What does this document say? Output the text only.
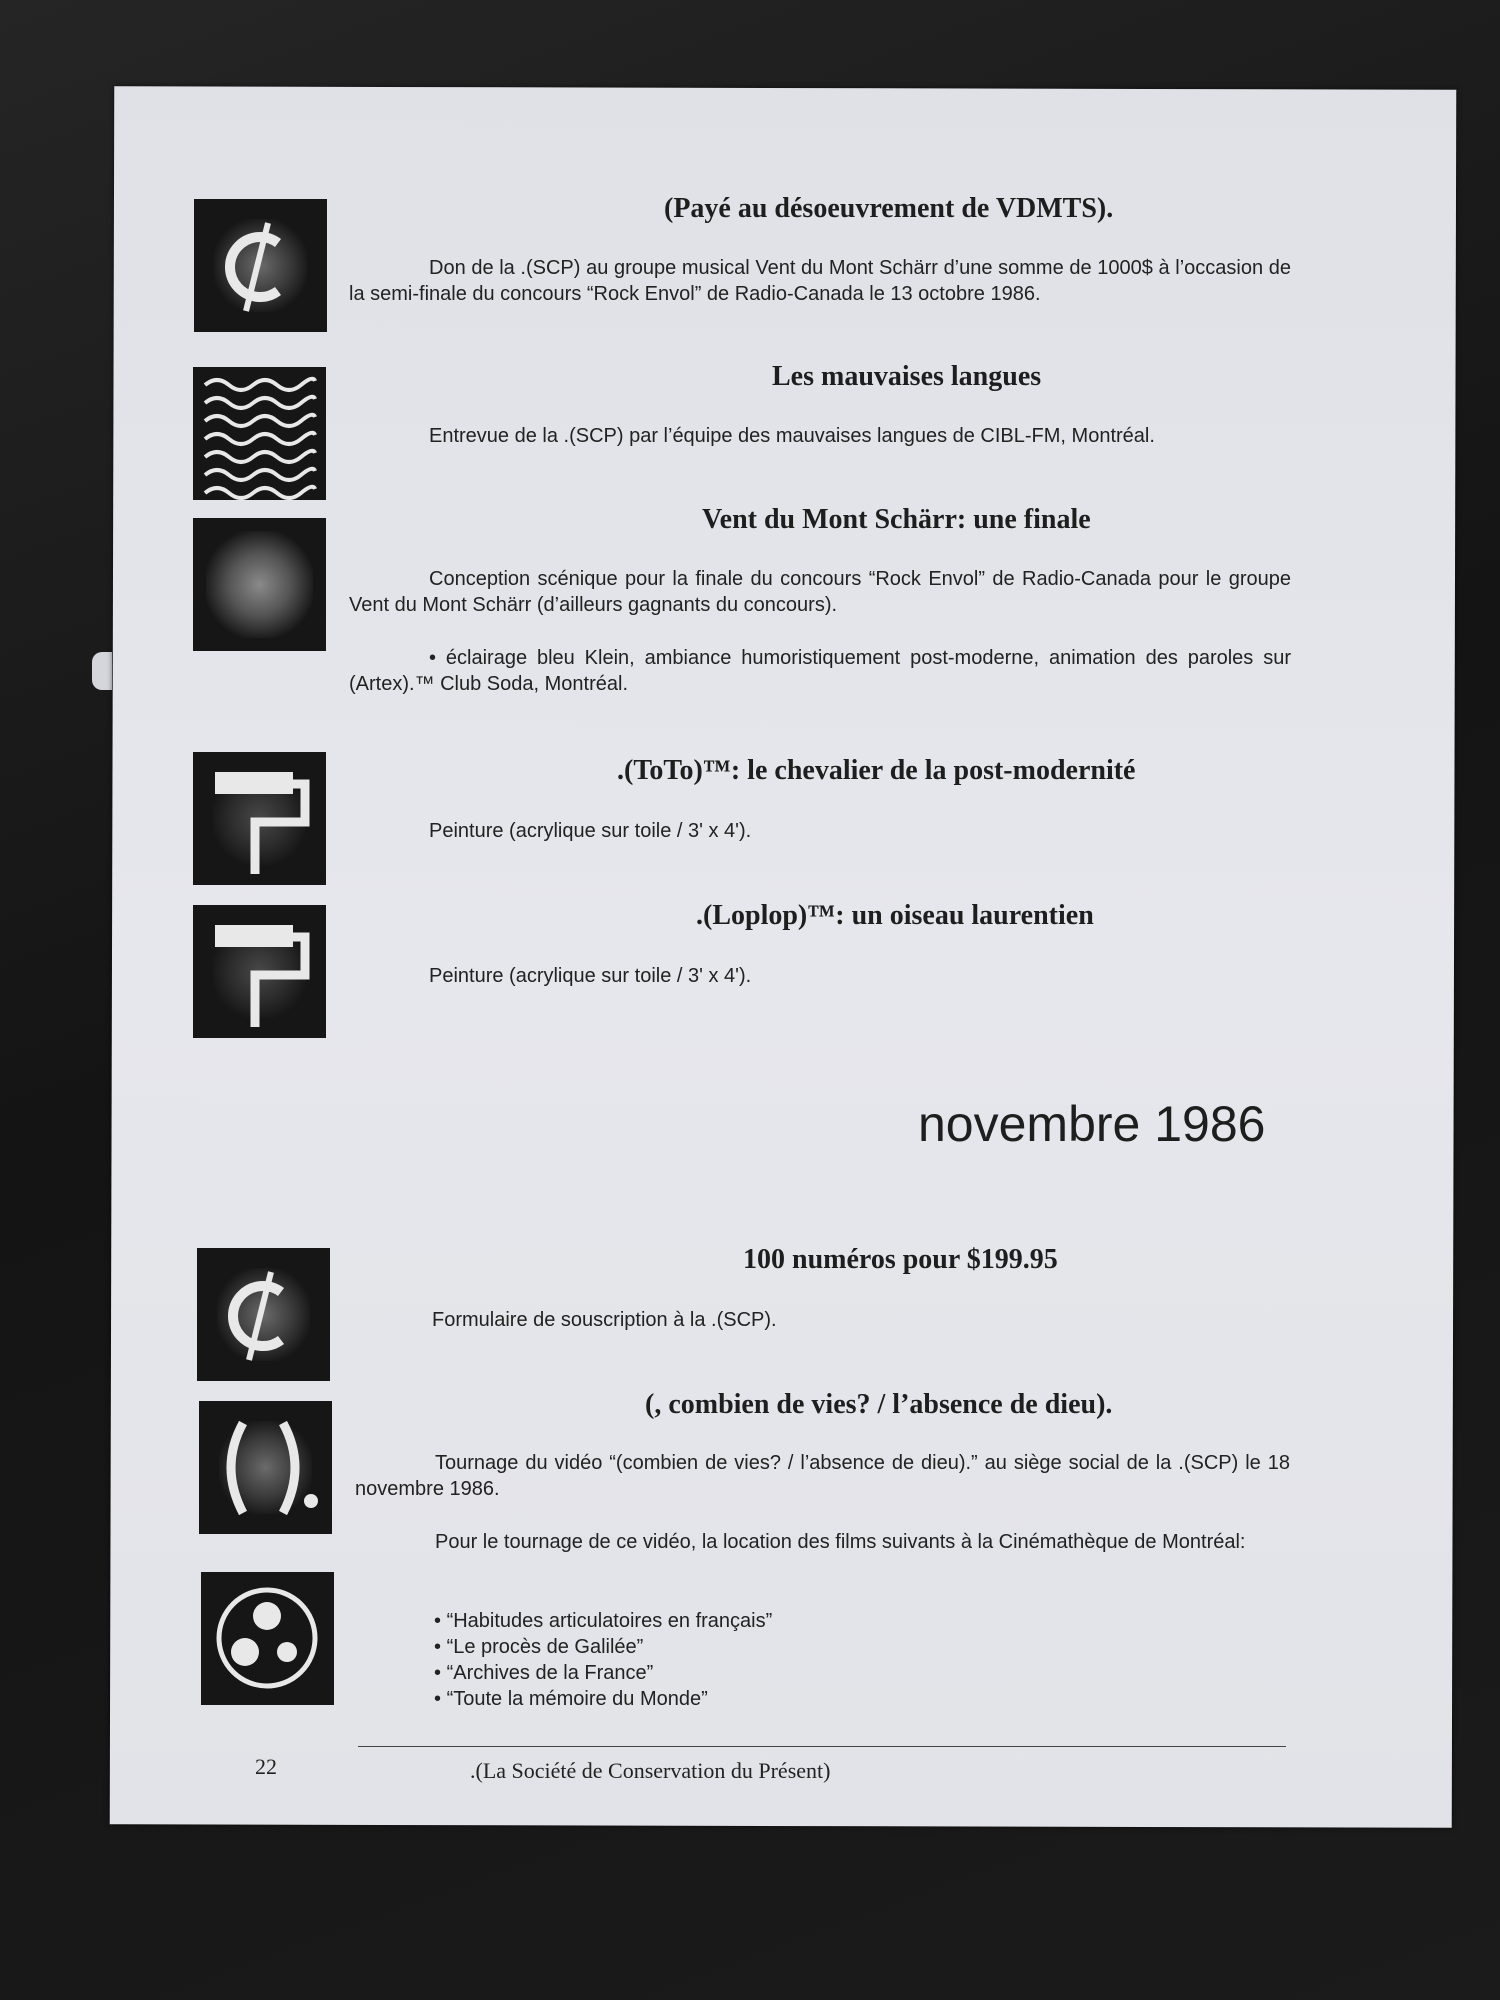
(Payé au désoeuvrement de VDMTS).
Don de la .(SCP) au groupe musical Vent du Mont Schärr d’une somme de 1000$ à l’occasion de la semi-finale du concours “Rock Envol” de Radio-Canada le 13 octobre 1986.
Les mauvaises langues
Entrevue de la .(SCP) par l’équipe des mauvaises langues de CIBL-FM, Montréal.
Vent du Mont Schärr: une finale
Conception scénique pour la finale du concours “Rock Envol” de Radio-Canada pour le groupe Vent du Mont Schärr (d’ailleurs gagnants du concours).
• éclairage bleu Klein, ambiance humoristiquement post-moderne, animation des paroles sur (Artex).™ Club Soda, Montréal.
.(ToTo)™: le chevalier de la post-modernité
Peinture (acrylique sur toile / 3' x 4').
.(Loplop)™: un oiseau laurentien
Peinture (acrylique sur toile / 3' x 4').
novembre 1986
100 numéros pour $199.95
Formulaire de souscription à la .(SCP).
(, combien de vies? / l’absence de dieu).
Tournage du vidéo “(combien de vies? / l’absence de dieu).” au siège social de la .(SCP) le 18 novembre 1986.
Pour le tournage de ce vidéo, la location des films suivants à la Cinémathèque de Montréal:
• “Habitudes articulatoires en français”
• “Le procès de Galilée”
• “Archives de la France”
• “Toute la mémoire du Monde”
22	.(La Société de Conservation du Présent)
